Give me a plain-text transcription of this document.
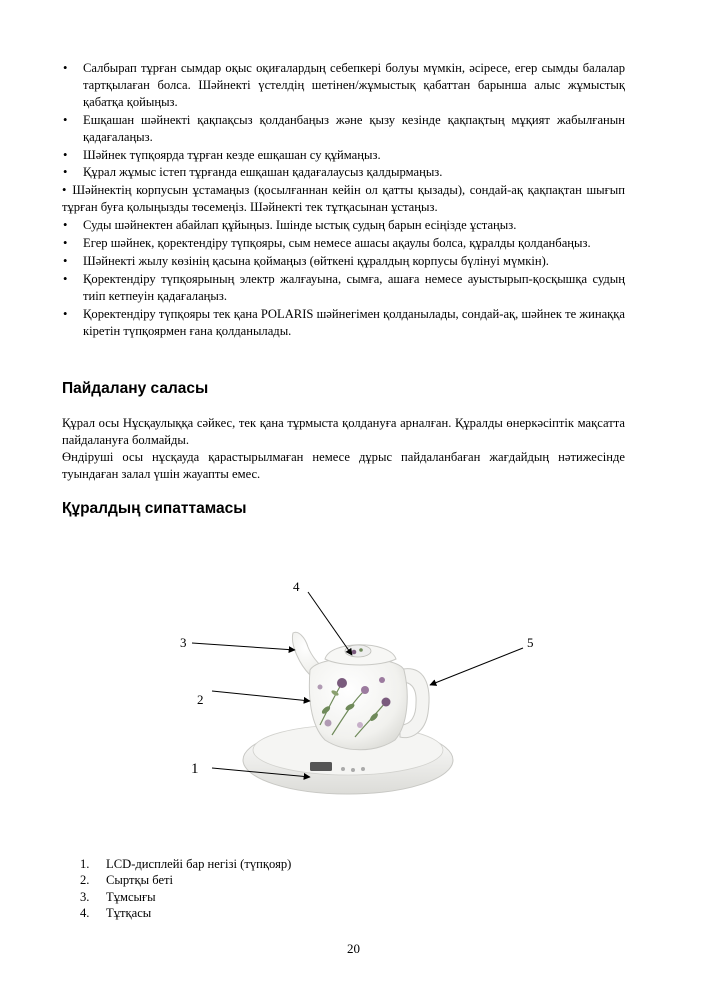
• Салбырап тұрған сымдар оқыс оқиғалардың себепкері болуы мүмкін, әсіресе, егер сымды балалар тартқылаған болса. Шәйнекті үстелдің шетінен/жұмыстық қабаттан барынша алыс жұмыстық қабатқа қойыңыз.
• Ешқашан шәйнекті қақпақсыз қолданбаңыз және қызу кезінде қақпақтың мұқият жабылғанын қадағалаңыз.
• Шәйнек түпқоярда тұрған кезде ешқашан су құймаңыз.
• Құрал жұмыс істеп тұрғанда ешқашан қадағалаусыз қалдырмаңыз.
• Шәйнектің корпусын ұстамаңыз (қосылғаннан кейін ол қатты қызады), сондай-ақ қақпақтан шығып тұрған буға қолыңызды төсемеңіз. Шәйнекті тек тұтқасынан ұстаңыз.
• Суды шәйнектен абайлап құйыңыз. Ішінде ыстық судың барын есіңізде ұстаңыз.
• Егер шәйнек, қоректендіру түпқояры, сым немесе ашасы ақаулы болса, құралды қолданбаңыз.
• Шәйнекті жылу көзінің қасына қоймаңыз (өйткені құралдың корпусы бүлінуі мүмкін).
• Қоректендіру түпқоярының электр жалғауына, сымға, ашаға немесе ауыстырып-қосқышқа судың тиіп кетпеуін қадағалаңыз.
• Қоректендіру түпқояры тек қана POLARIS шәйнегімен қолданылады, сондай-ақ, шәйнек те жинаққа кіретін түпқоярмен ғана қолданылады.
Пайдалану саласы

Құрал осы Нұсқаулыққа сәйкес, тек қана тұрмыста қолдануға арналған. Құралды өнеркәсіптік мақсатта пайдалануға болмайды.

Өндіруші осы нұсқауда қарастырылмаған немесе дұрыс пайдаланбаған жағдайдың нәтижесінде туындаған залал үшін жауапты емес.

Құралдың сипаттамасы
4
3	5
2
1
1. LCD-дисплейі бар негізі (түпқояр)
2. Сыртқы беті
3. Тұмсығы
4. Тұтқасы
20
